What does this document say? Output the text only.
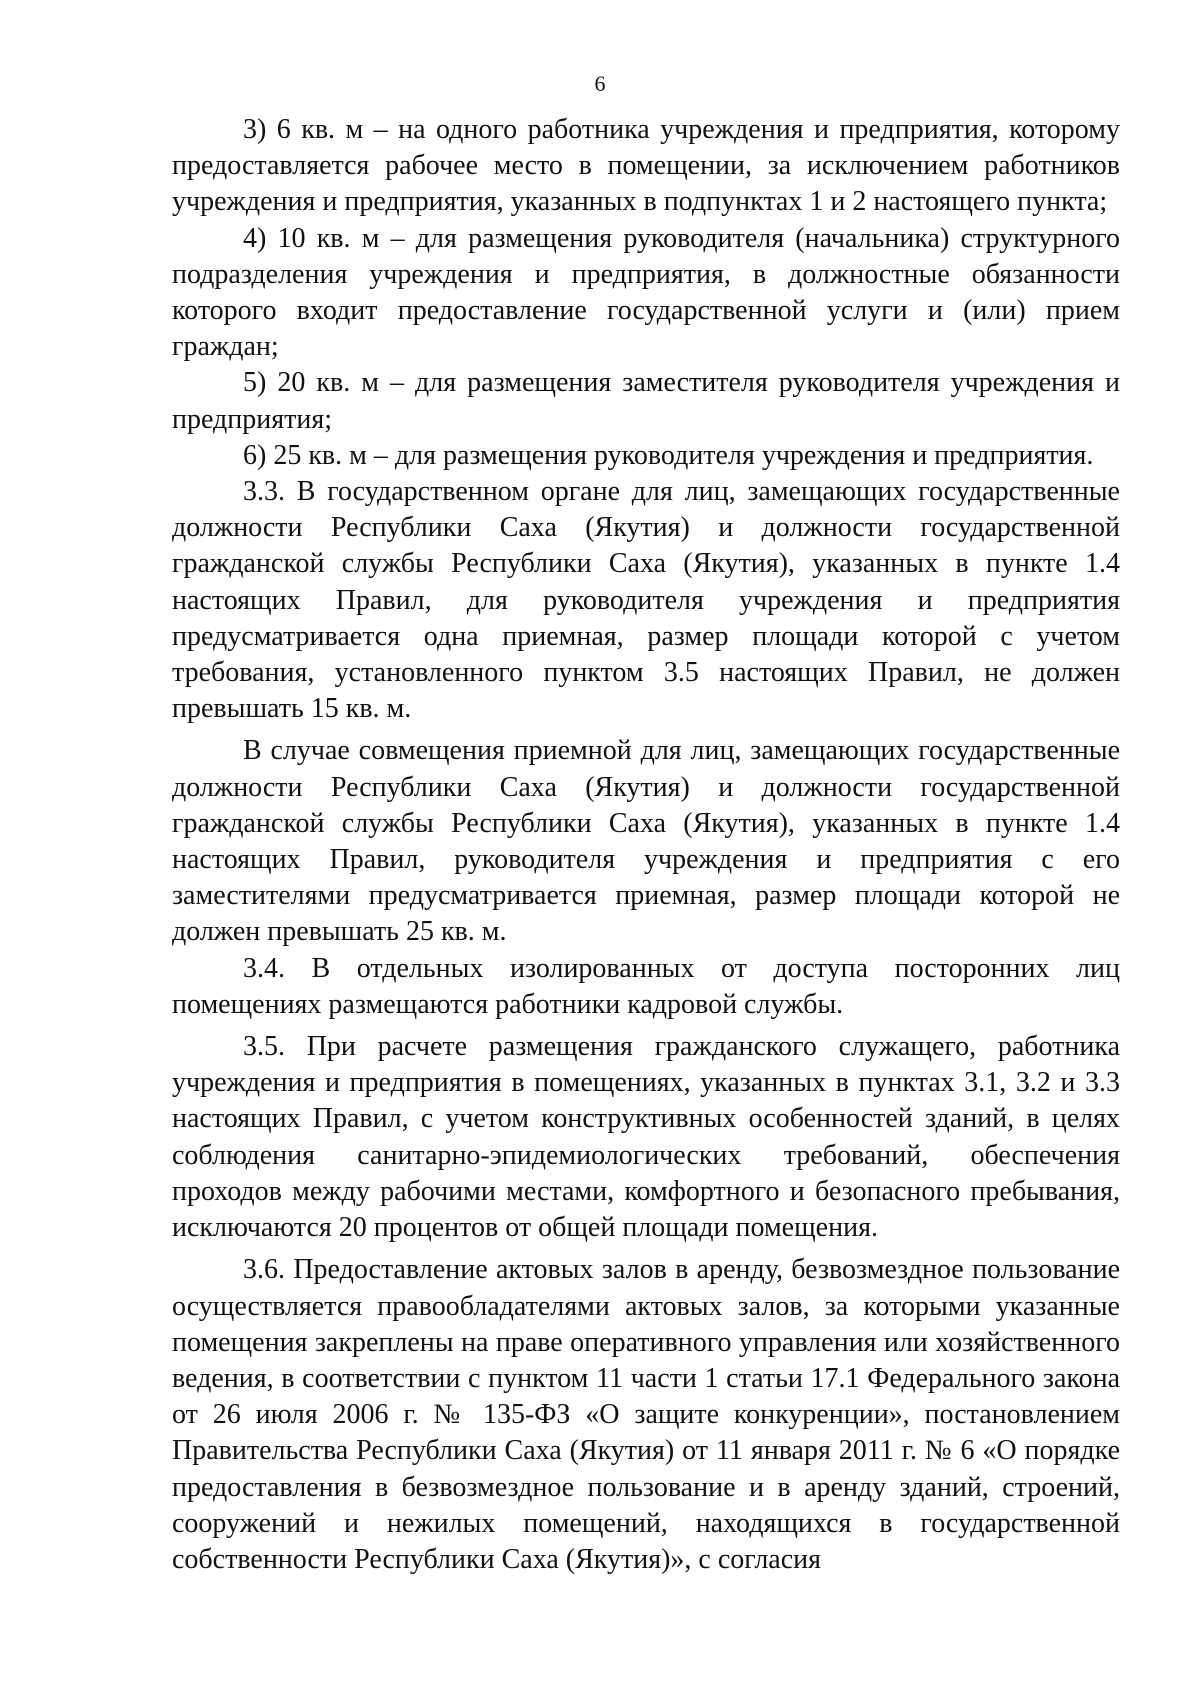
6

3) 6 кв. м – на одного работника учреждения и предприятия, которому предоставляется рабочее место в помещении, за исключением работников учреждения и предприятия, указанных в подпунктах 1 и 2 настоящего пункта;

4) 10 кв. м – для размещения руководителя (начальника) структурного подразделения учреждения и предприятия, в должностные обязанности которого входит предоставление государственной услуги и (или) прием граждан;

5) 20 кв. м – для размещения заместителя руководителя учреждения и предприятия;

6) 25 кв. м – для размещения руководителя учреждения и предприятия.

3.3. В государственном органе для лиц, замещающих государственные должности Республики Саха (Якутия) и должности государственной гражданской службы Республики Саха (Якутия), указанных в пункте 1.4 настоящих Правил, для руководителя учреждения и предприятия предусматривается одна приемная, размер площади которой с учетом требования, установленного пунктом 3.5 настоящих Правил, не должен превышать 15 кв. м.

В случае совмещения приемной для лиц, замещающих государственные должности Республики Саха (Якутия) и должности государственной гражданской службы Республики Саха (Якутия), указанных в пункте 1.4 настоящих Правил, руководителя учреждения и предприятия с его заместителями предусматривается приемная, размер площади которой не должен превышать 25 кв. м.

3.4. В отдельных изолированных от доступа посторонних лиц помещениях размещаются работники кадровой службы.

3.5. При расчете размещения гражданского служащего, работника учреждения и предприятия в помещениях, указанных в пунктах 3.1, 3.2 и 3.3 настоящих Правил, с учетом конструктивных особенностей зданий, в целях соблюдения санитарно-эпидемиологических требований, обеспечения проходов между рабочими местами, комфортного и безопасного пребывания, исключаются 20 процентов от общей площади помещения.

3.6. Предоставление актовых залов в аренду, безвозмездное пользование осуществляется правообладателями актовых залов, за которыми указанные помещения закреплены на праве оперативного управления или хозяйственного ведения, в соответствии с пунктом 11 части 1 статьи 17.1 Федерального закона от 26 июля 2006 г. № 135-ФЗ «О защите конкуренции», постановлением Правительства Республики Саха (Якутия) от 11 января 2011 г. № 6 «О порядке предоставления в безвозмездное пользование и в аренду зданий, строений, сооружений и нежилых помещений, находящихся в государственной собственности Республики Саха (Якутия)», с согласия
